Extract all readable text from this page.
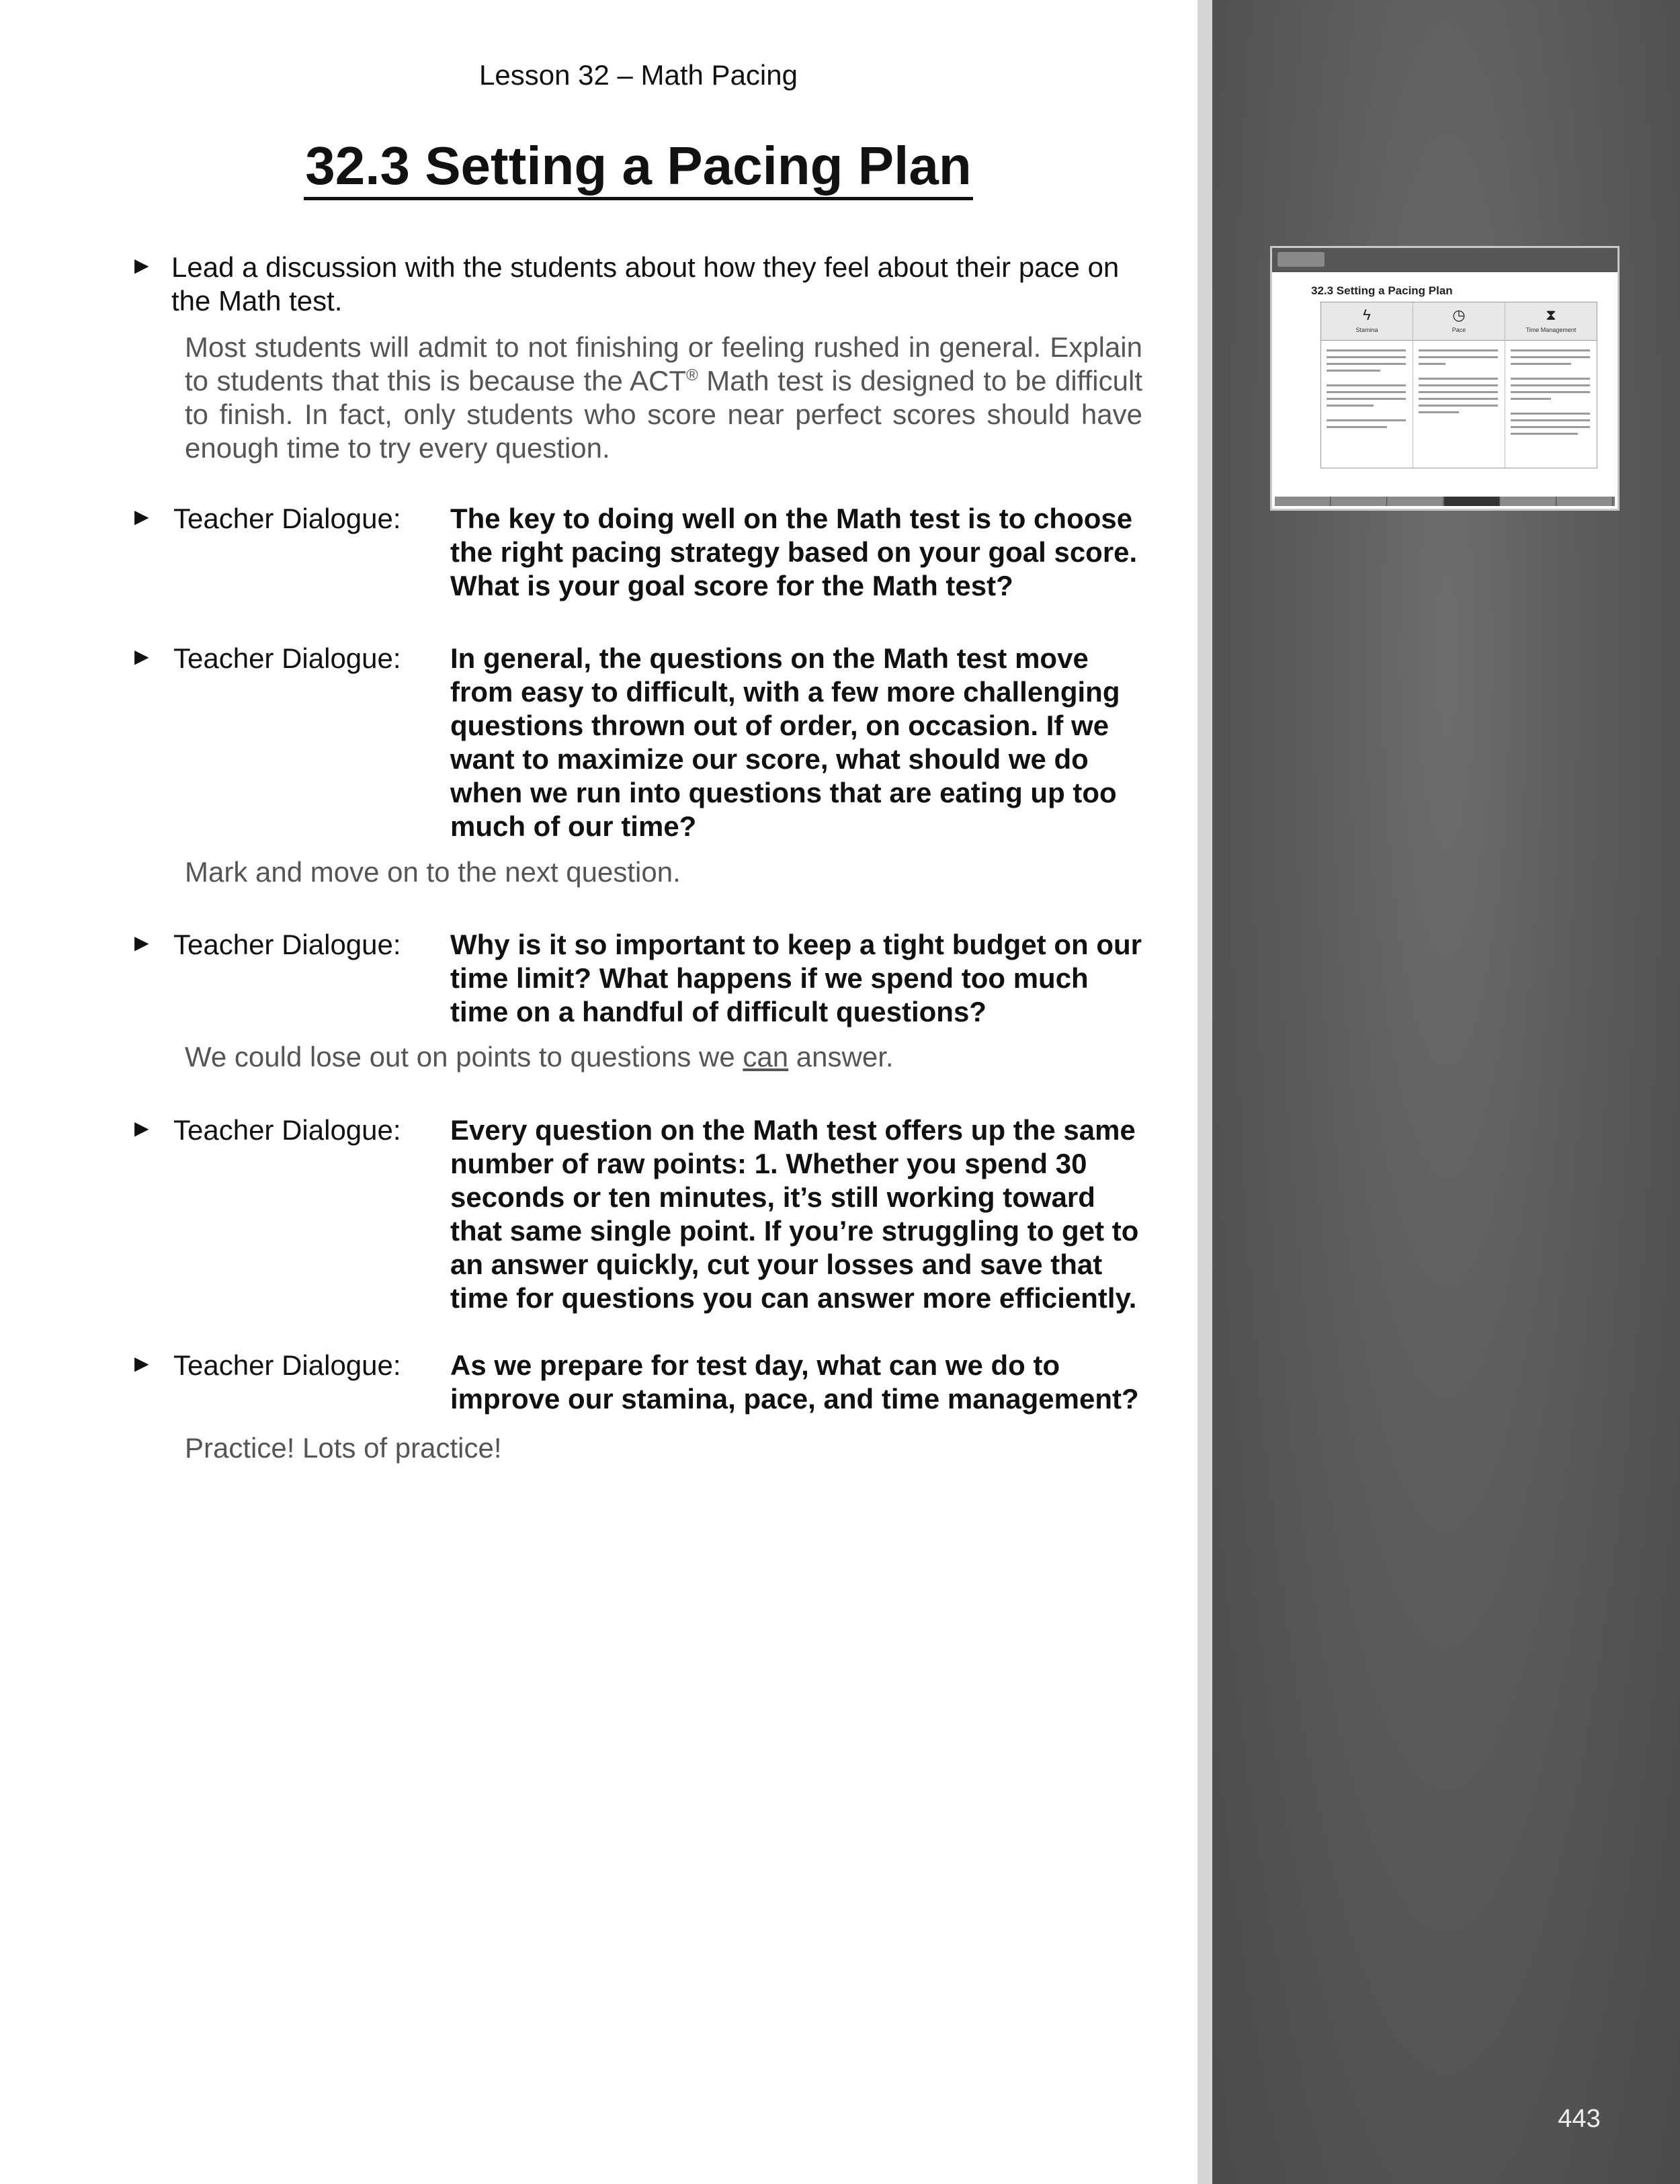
Lesson 32 – Math Pacing
32.3 Setting a Pacing Plan
▶ Lead a discussion with the students about how they feel about their pace on the Math test.
Most students will admit to not finishing or feeling rushed in general. Explain to students that this is because the ACT® Math test is designed to be difficult to finish. In fact, only students who score near perfect scores should have enough time to try every question.
▶ Teacher Dialogue: The key to doing well on the Math test is to choose the right pacing strategy based on your goal score. What is your goal score for the Math test?
▶ Teacher Dialogue: In general, the questions on the Math test move from easy to difficult, with a few more challenging questions thrown out of order, on occasion. If we want to maximize our score, what should we do when we run into questions that are eating up too much of our time?
Mark and move on to the next question.
▶ Teacher Dialogue: Why is it so important to keep a tight budget on our time limit? What happens if we spend too much time on a handful of difficult questions?
We could lose out on points to questions we can answer.
▶ Teacher Dialogue: Every question on the Math test offers up the same number of raw points: 1. Whether you spend 30 seconds or ten minutes, it’s still working toward that same single point. If you’re struggling to get to an answer quickly, cut your losses and save that time for questions you can answer more efficiently.
▶ Teacher Dialogue: As we prepare for test day, what can we do to improve our stamina, pace, and time management?
Practice! Lots of practice!
32.3 Setting a Pacing Plan
ϟ
Stamina
◷
Pace
⧗
Time Management
443
